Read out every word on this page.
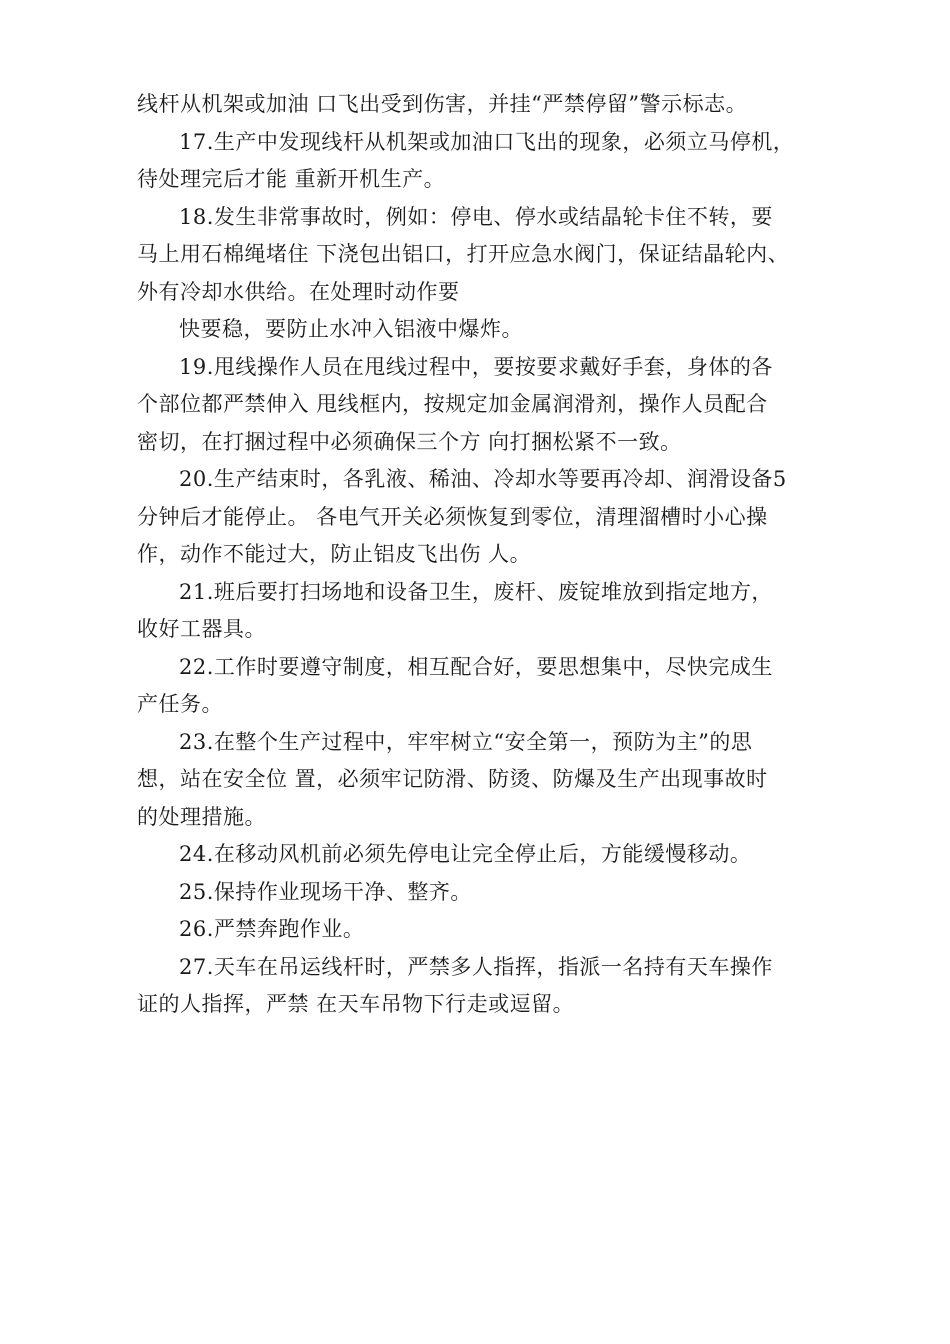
线杆从机架或加油 口飞出受到伤害，并挂“严禁停留”警示标志。
17.生产中发现线杆从机架或加油口飞出的现象，必须立马停机，
待处理完后才能 重新开机生产。
18.发生非常事故时，例如：停电、停水或结晶轮卡住不转，要
马上用石棉绳堵住 下浇包出铝口，打开应急水阀门，保证结晶轮内、
外有冷却水供给。在处理时动作要
快要稳，要防止水冲入铝液中爆炸。
19.甩线操作人员在甩线过程中，要按要求戴好手套，身体的各
个部位都严禁伸入 甩线框内，按规定加金属润滑剂，操作人员配合
密切，在打捆过程中必须确保三个方 向打捆松紧不一致。
20.生产结束时，各乳液、稀油、冷却水等要再冷却、润滑设备5
分钟后才能停止。 各电气开关必须恢复到零位，清理溜槽时小心操
作，动作不能过大，防止铝皮飞出伤 人。
21.班后要打扫场地和设备卫生，废杆、废锭堆放到指定地方，
收好工器具。
22.工作时要遵守制度，相互配合好，要思想集中，尽快完成生
产任务。
23.在整个生产过程中，牢牢树立“安全第一，预防为主”的思
想，站在安全位 置，必须牢记防滑、防烫、防爆及生产出现事故时
的处理措施。
24.在移动风机前必须先停电让完全停止后，方能缓慢移动。
25.保持作业现场干净、整齐。
26.严禁奔跑作业。
27.天车在吊运线杆时，严禁多人指挥，指派一名持有天车操作
证的人指挥，严禁 在天车吊物下行走或逗留。
